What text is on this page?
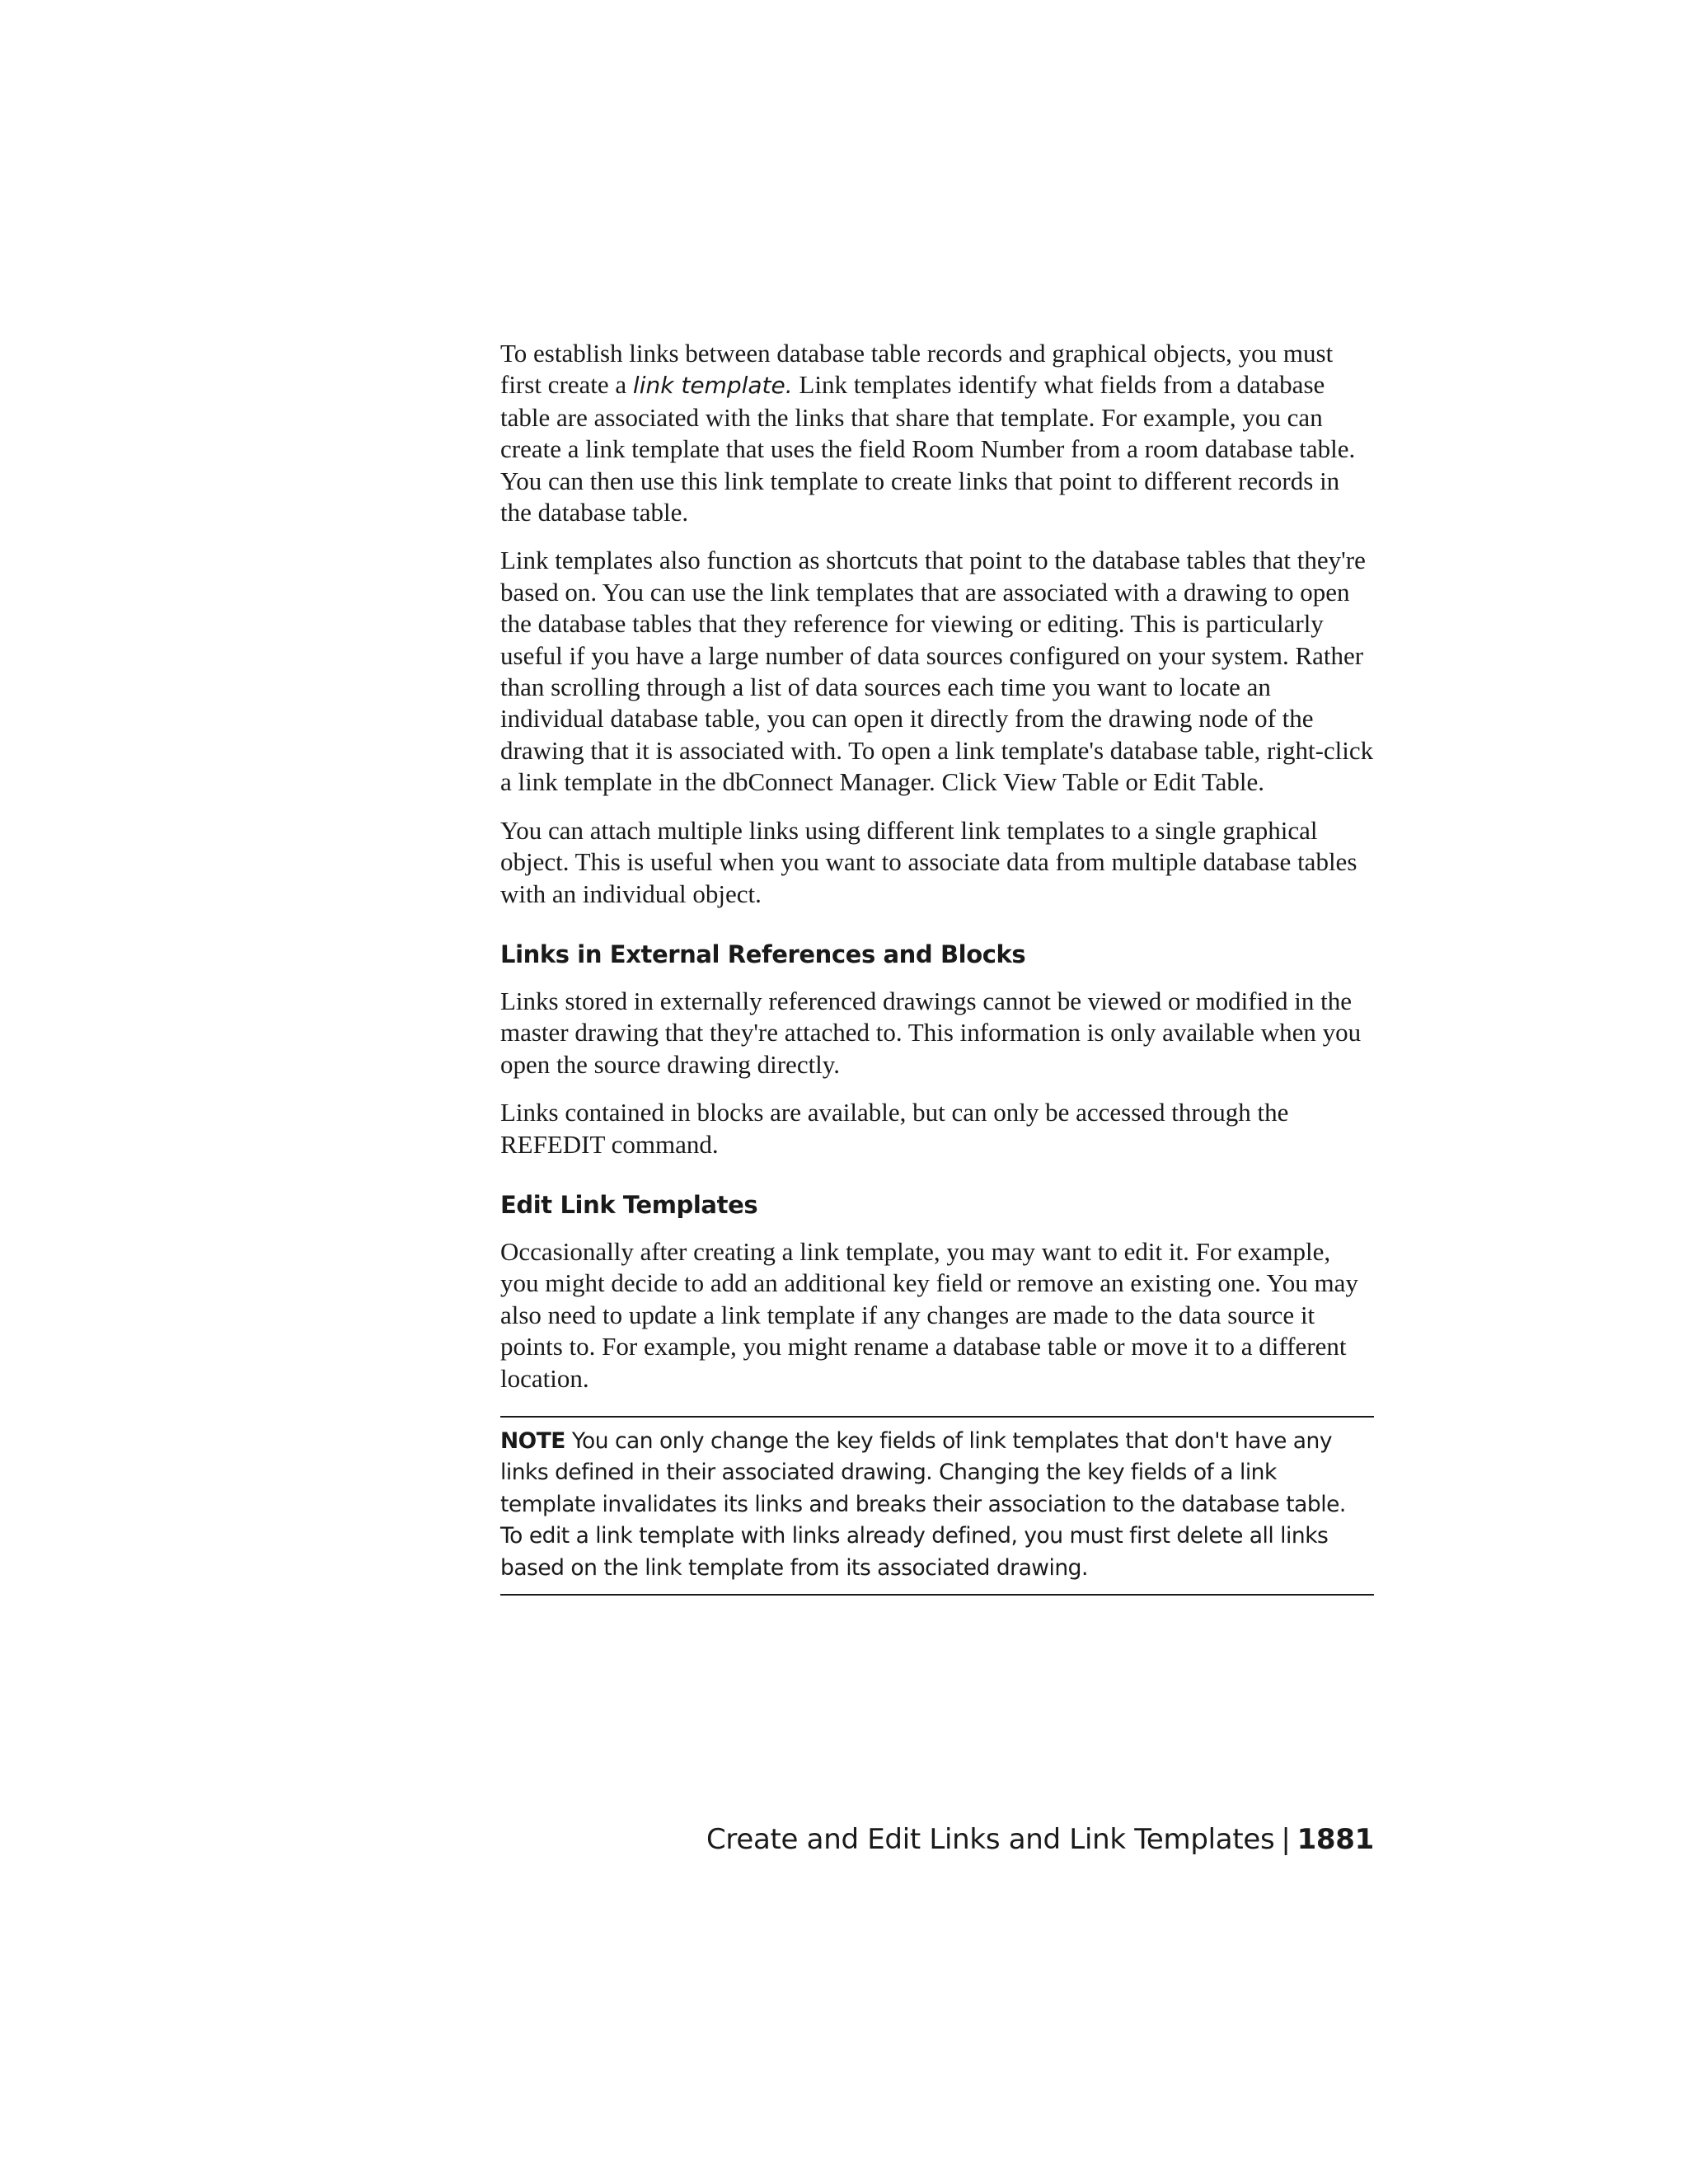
To establish links between database table records and graphical objects, you must first create a link template. Link templates identify what fields from a database table are associated with the links that share that template. For example, you can create a link template that uses the field Room Number from a room database table. You can then use this link template to create links that point to different records in the database table.

Link templates also function as shortcuts that point to the database tables that they're based on. You can use the link templates that are associated with a drawing to open the database tables that they reference for viewing or editing. This is particularly useful if you have a large number of data sources configured on your system. Rather than scrolling through a list of data sources each time you want to locate an individual database table, you can open it directly from the drawing node of the drawing that it is associated with. To open a link template's database table, right-click a link template in the dbConnect Manager. Click View Table or Edit Table.

You can attach multiple links using different link templates to a single graphical object. This is useful when you want to associate data from multiple database tables with an individual object.

Links in External References and Blocks

Links stored in externally referenced drawings cannot be viewed or modified in the master drawing that they're attached to. This information is only available when you open the source drawing directly.

Links contained in blocks are available, but can only be accessed through the REFEDIT command.

Edit Link Templates

Occasionally after creating a link template, you may want to edit it. For example, you might decide to add an additional key field or remove an existing one. You may also need to update a link template if any changes are made to the data source it points to. For example, you might rename a database table or move it to a different location.

NOTE You can only change the key fields of link templates that don't have any links defined in their associated drawing. Changing the key fields of a link template invalidates its links and breaks their association to the database table. To edit a link template with links already defined, you must first delete all links based on the link template from its associated drawing.
Create and Edit Links and Link Templates | 1881
